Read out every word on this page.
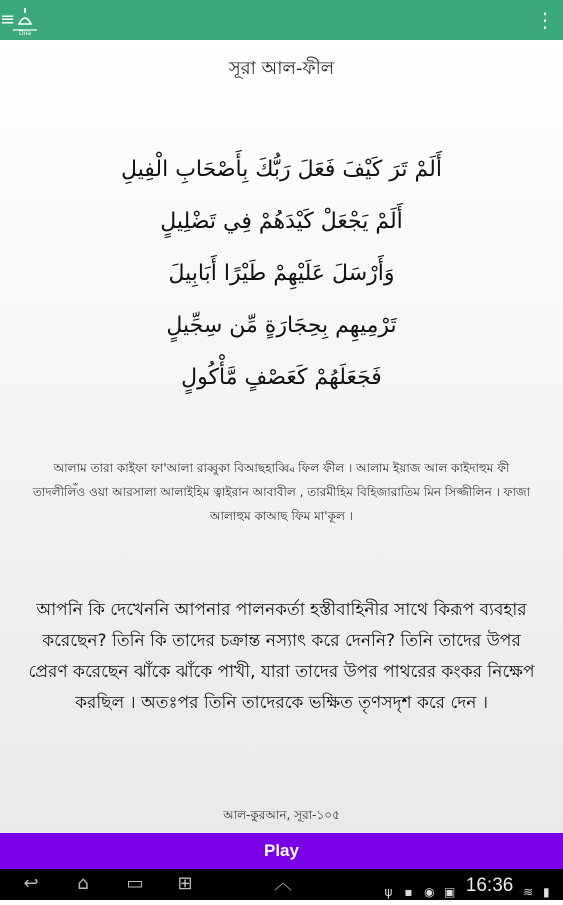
≡
Doa
⋮
সূরা আল-ফীল
أَلَمْ تَرَ كَيْفَ فَعَلَ رَبُّكَ بِأَصْحَابِ الْفِيلِ
أَلَمْ يَجْعَلْ كَيْدَهُمْ فِي تَضْلِيلٍ
وَأَرْسَلَ عَلَيْهِمْ طَيْرًا أَبَابِيلَ
تَرْمِيهِم بِحِجَارَةٍ مِّن سِجِّيلٍ
فَجَعَلَهُمْ كَعَصْفٍ مَّأْكُولٍ
আলাম তারা কাইফা ফা'আলা রাব্বুকা বিআছহাব্ব্বি ফিল ফীল । আলাম ইয়াজ আল কাইদাহুম ফী তাদলীলিঁও ওয়া আরসালা আলাইহিম ত্বাইরান আবাবীল , তারমীহিম বিহিজারাতিম মিন সিজ্জীলিন । ফাজা আলাহুম কাআছ ফিম মা'কূল ।
আপনি কি দেখেননি আপনার পালনকর্তা হস্তীবাহিনীর সাথে কিরূপ ব্যবহার করেছেন? তিনি কি তাদের চক্রান্ত নস্যাৎ করে দেননি? তিনি তাদের উপর প্রেরণ করেছেন ঝাঁকে ঝাঁকে পাখী, যারা তাদের উপর পাথরের কংকর নিক্ষেপ করছিল । অতঃপর তিনি তাদেরকে ভক্ষিত তৃণসদৃশ করে দেন ।
আল-কুরআন, সূরা-১০৫
Play
↩	⌂	▭	⊞	︿	ψ ▪ ◉ ▣ 16:36 ≋ ▮
